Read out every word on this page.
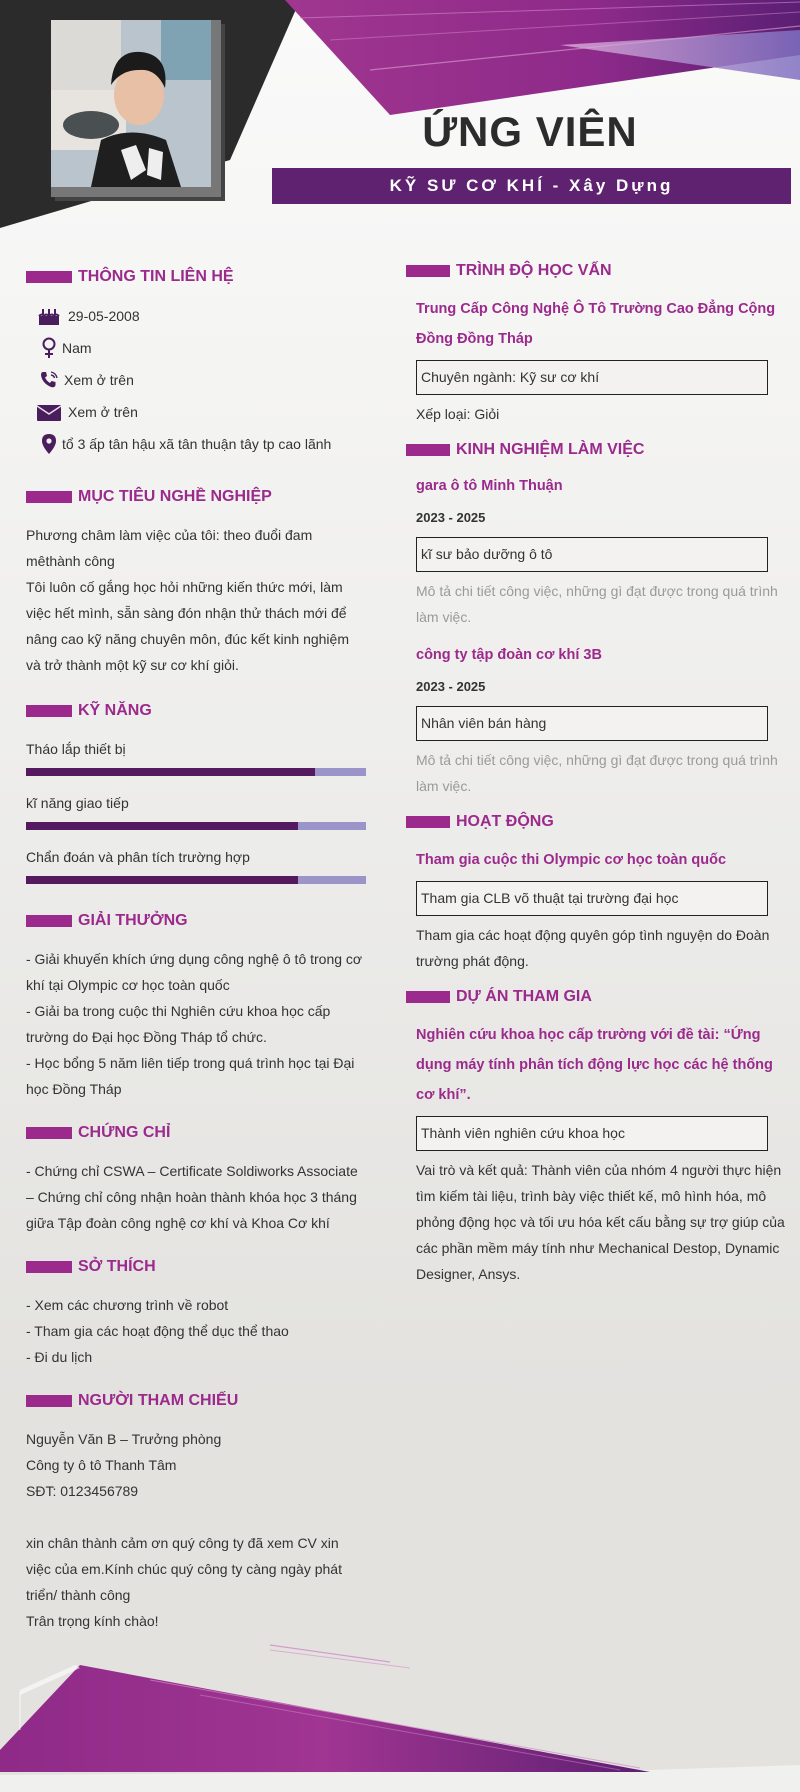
ỨNG VIÊN
KỸ SƯ CƠ KHÍ - Xây Dựng
THÔNG TIN LIÊN HỆ
29-05-2008
Nam
Xem ở trên
Xem ở trên
tổ 3 ấp tân hậu xã tân thuận tây tp cao lãnh
MỤC TIÊU NGHỀ NGHIỆP
Phương châm làm việc của tôi: theo đuổi đam mêthành công
Tôi luôn cố gắng học hỏi những kiến thức mới, làm việc hết mình, sẵn sàng đón nhận thử thách mới để nâng cao kỹ năng chuyên môn, đúc kết kinh nghiệm và trở thành một kỹ sư cơ khí giỏi.
KỸ NĂNG
Tháo lắp thiết bị
kĩ năng giao tiếp
Chẩn đoán và phân tích trường hợp
GIẢI THƯỞNG
- Giải khuyến khích ứng dụng công nghệ ô tô trong cơ khí tại Olympic cơ học toàn quốc
- Giải ba trong cuộc thi Nghiên cứu khoa học cấp trường do Đại học Đồng Tháp tổ chức.
- Học bổng 5 năm liên tiếp trong quá trình học tại Đại học Đồng Tháp
CHỨNG CHỈ
- Chứng chỉ CSWA – Certificate Soldiworks Associate
– Chứng chỉ công nhận hoàn thành khóa học 3 tháng giữa Tập đoàn công nghệ cơ khí và Khoa Cơ khí
SỞ THÍCH
- Xem các chương trình về robot
- Tham gia các hoạt động thể dục thể thao
- Đi du lịch
NGƯỜI THAM CHIẾU
Nguyễn Văn B – Trưởng phòng
Công ty ô tô Thanh Tâm
SĐT: 0123456789
xin chân thành cảm ơn quý công ty đã xem CV xin việc của em.Kính chúc quý công ty càng ngày phát triển/ thành công
Trân trọng kính chào!
TRÌNH ĐỘ HỌC VẤN
Trung Cấp Công Nghệ Ô Tô Trường Cao Đẳng Cộng Đồng Đồng Tháp
Chuyên ngành: Kỹ sư cơ khí
Xếp loại: Giỏi
KINH NGHIỆM LÀM VIỆC
gara ô tô Minh Thuận
2023 - 2025
kĩ sư bảo dưỡng ô tô
Mô tả chi tiết công việc, những gì đạt được trong quá trình làm việc.
công ty tập đoàn cơ khí 3B
2023 - 2025
Nhân viên bán hàng
Mô tả chi tiết công việc, những gì đạt được trong quá trình làm việc.
HOẠT ĐỘNG
Tham gia cuộc thi Olympic cơ học toàn quốc
Tham gia CLB võ thuật tại trường đại học
Tham gia các hoạt động quyên góp tình nguyện do Đoàn trường phát động.
DỰ ÁN THAM GIA
Nghiên cứu khoa học cấp trường với đề tài: “Ứng dụng máy tính phân tích động lực học các hệ thống cơ khí”.
Thành viên nghiên cứu khoa học
Vai trò và kết quả: Thành viên của nhóm 4 người thực hiện tìm kiếm tài liệu, trình bày việc thiết kế, mô hình hóa, mô phỏng động học và tối ưu hóa kết cấu bằng sự trợ giúp của các phần mềm máy tính như Mechanical Destop, Dynamic Designer, Ansys.
